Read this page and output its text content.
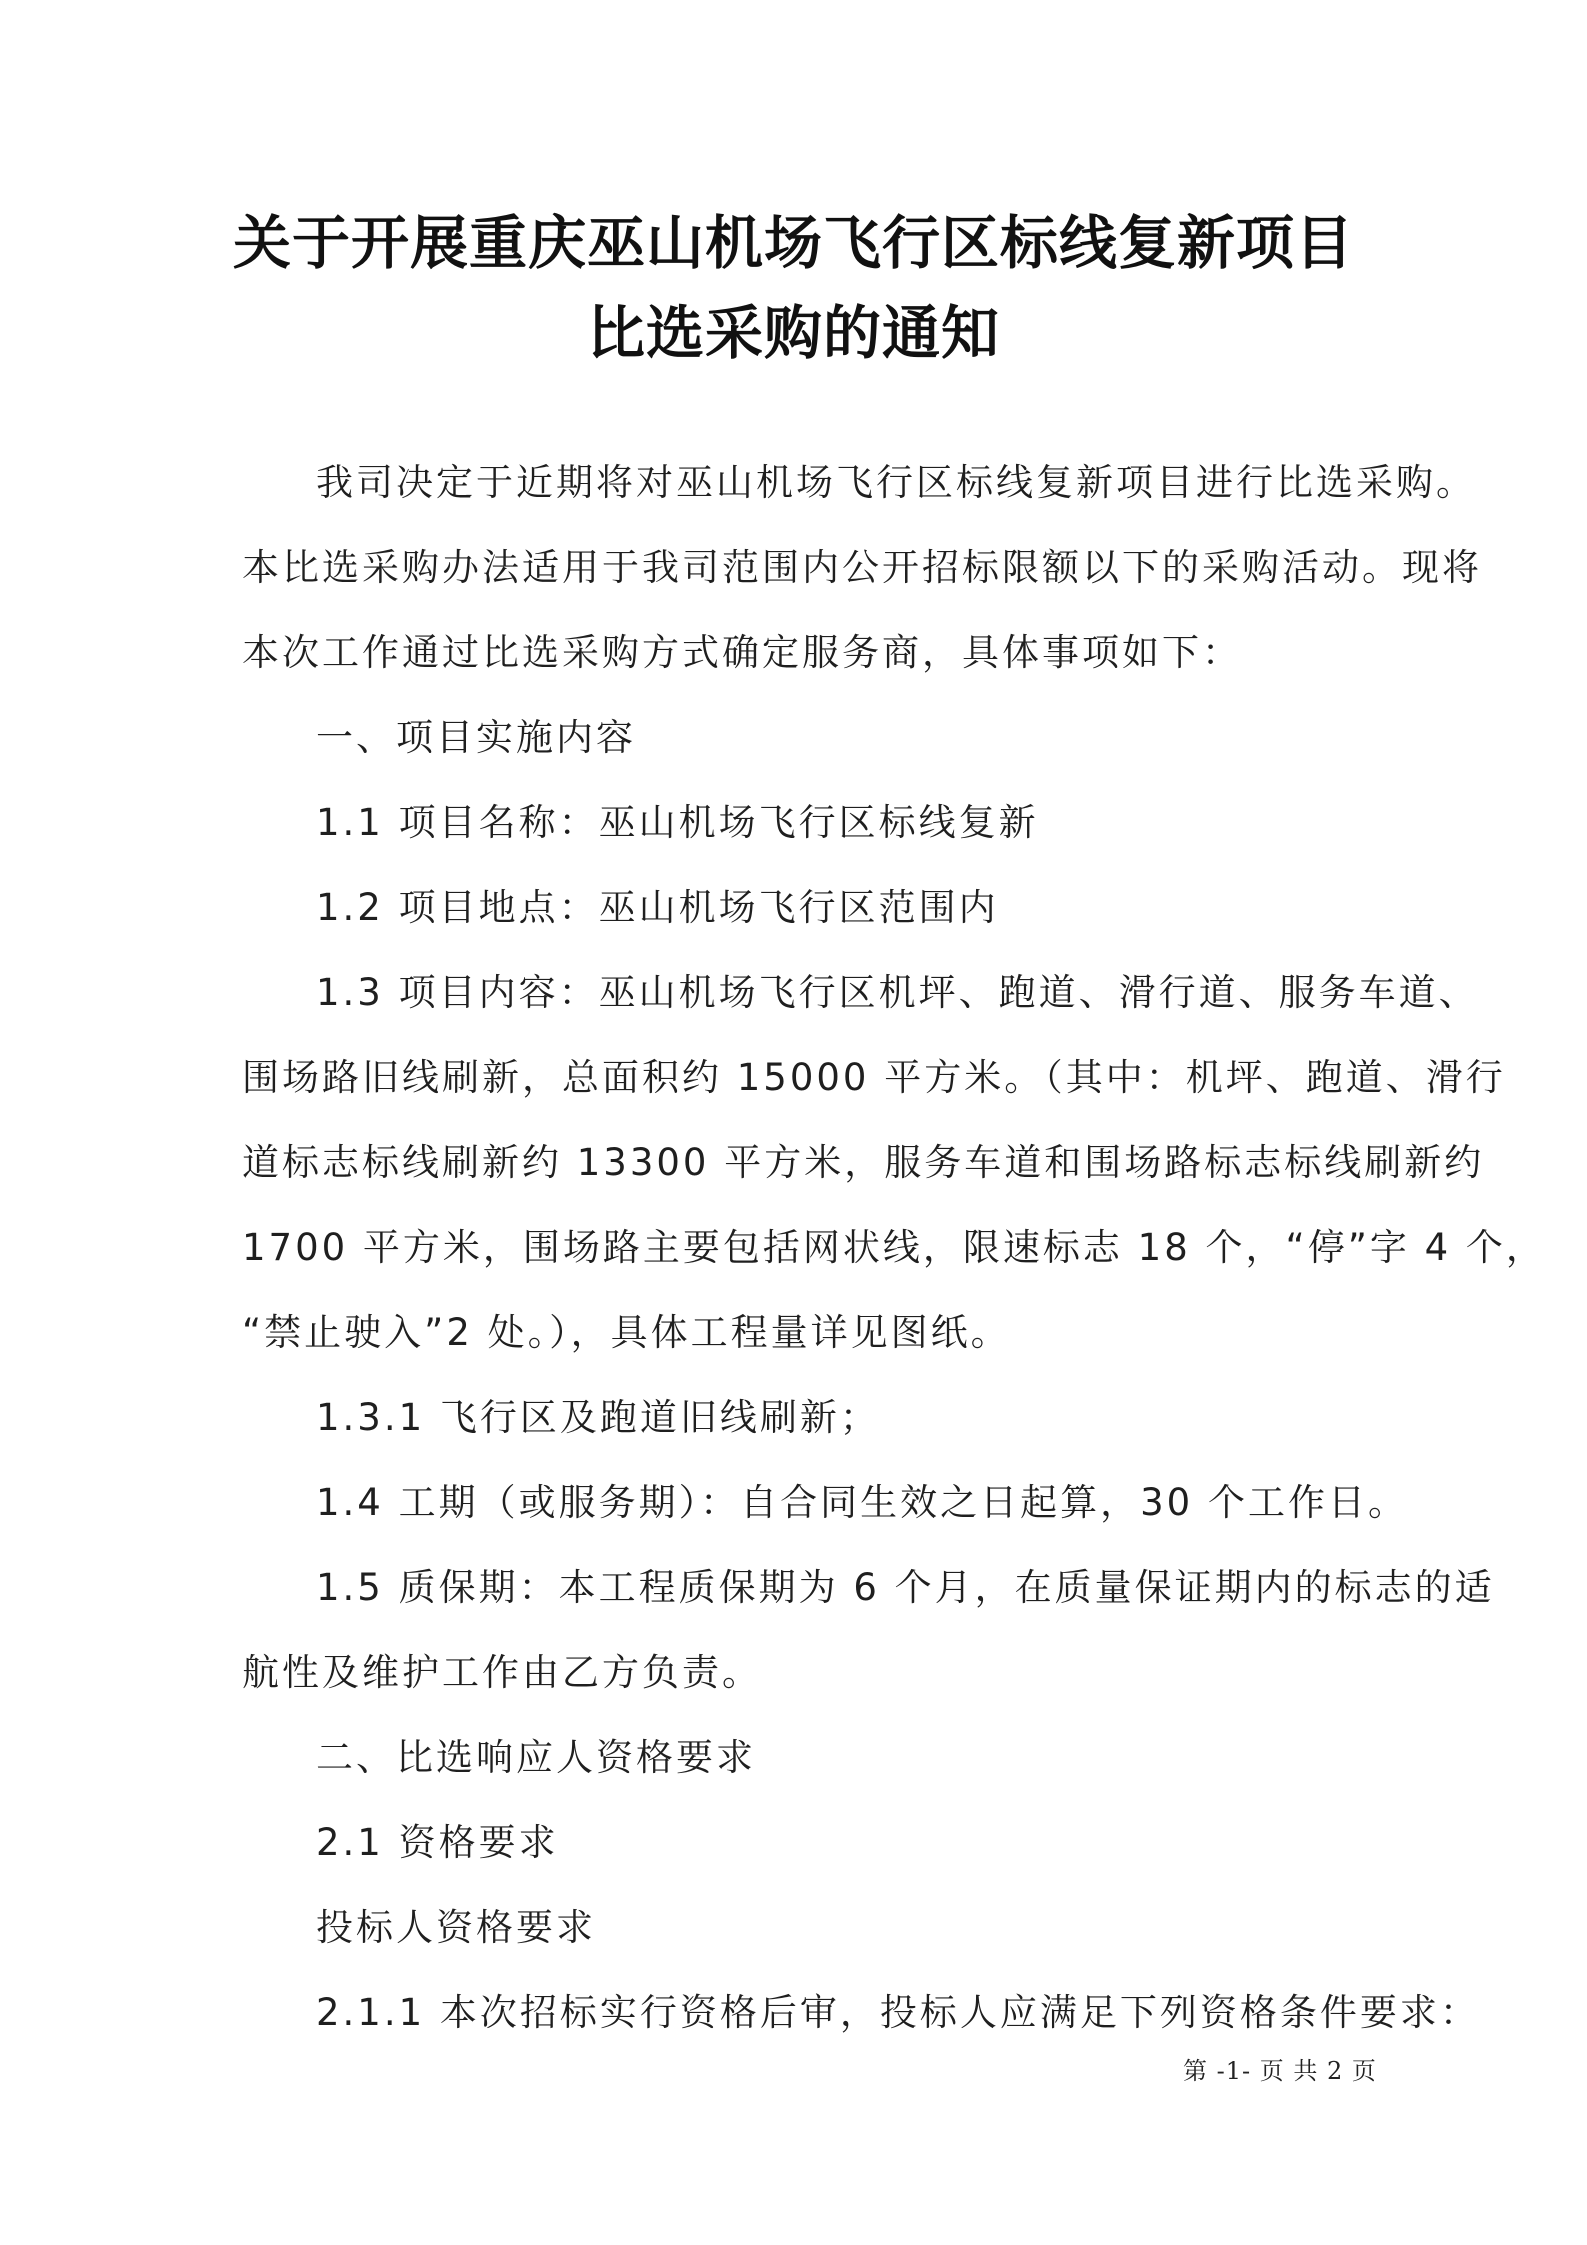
关于开展重庆巫山机场飞行区标线复新项目
比选采购的通知
我司决定于近期将对巫山机场飞行区标线复新项目进行比选采购。
本比选采购办法适用于我司范围内公开招标限额以下的采购活动。现将
本次工作通过比选采购方式确定服务商，具体事项如下：
一、项目实施内容
1.1 项目名称：巫山机场飞行区标线复新
1.2 项目地点：巫山机场飞行区范围内
1.3 项目内容：巫山机场飞行区机坪、跑道、滑行道、服务车道、
围场路旧线刷新，总面积约 15000 平方米。（其中：机坪、跑道、滑行
道标志标线刷新约 13300 平方米，服务车道和围场路标志标线刷新约
1700 平方米，围场路主要包括网状线，限速标志 18 个，“停”字 4 个，
“禁止驶入”2 处。），具体工程量详见图纸。
1.3.1 飞行区及跑道旧线刷新；
1.4 工期（或服务期）：自合同生效之日起算，30 个工作日。
1.5 质保期：本工程质保期为 6 个月，在质量保证期内的标志的适
航性及维护工作由乙方负责。
二、比选响应人资格要求
2.1 资格要求
投标人资格要求
2.1.1 本次招标实行资格后审，投标人应满足下列资格条件要求：
第 -1- 页 共 2 页
